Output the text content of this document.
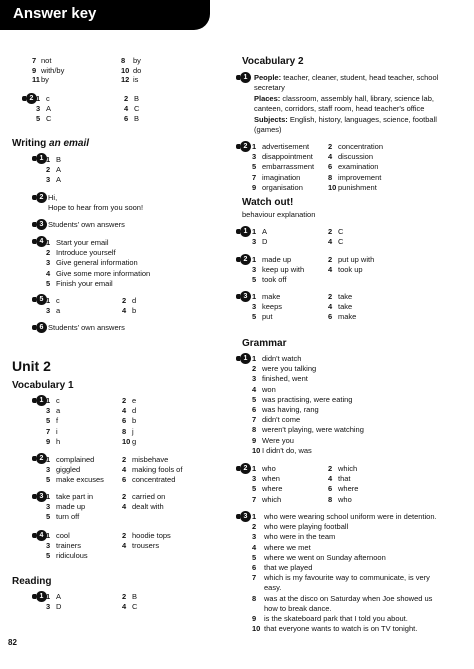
Answer key
7 not	8 by
9 with/by	10 do
11 by	12 is
2 1 c	2 B
3 A	4 C
5 C	6 B
Writing an email
1 1 B
2 A
3 A
2 Hi,
Hope to hear from you soon!
3 Students' own answers
4 1 Start your email
2 Introduce yourself
3 Give general information
4 Give some more information
5 Finish your email
5 1 c	2 d
3 a	4 b
6 Students' own answers
Unit 2
Vocabulary 1
1 1 c	2 e
3 a	4 d
5 f	6 b
7 i	8 j
9 h	10 g
2 1 complained	2 misbehave
3 giggled	4 making fools of
5 make excuses 6 concentrated
3 1 take part in	2 carried on
3 made up	4 dealt with
5 turn off
4 1 cool	2 hoodie tops
3 trainers	4 trousers
5 ridiculous
Reading
1 1 A	2 B
3 D	4 C
Vocabulary 2
1 People: teacher, cleaner, student, head teacher, school
secretary
Places: classroom, assembly hall, library, science lab,
canteen, corridors, staff room, head teacher's office
Subjects: English, history, languages, science, football
(games)
2 1 advertisement	2 concentration
3 disappointment 4 discussion
5 embarrassment 6 examination
7 imagination	8 improvement
9 organisation	10 punishment
Watch out!
behaviour explanation
1 1 A	2 C
3 D	4 C
2 1 made up	2 put up with
3 keep up with	4 took up
5 took off
3 1 make	2 take
3 keeps	4 take
5 put	6 make
Grammar
1 1 didn't watch
2 were you talking
3 finished, went
4 won
5 was practising, were eating
6 was having, rang
7 didn't come
8 weren't playing, were watching
9 Were you
10 I didn't do, was
2 1 who	2 which
3 when	4 that
5 where	6 where
7 which	8 who
3 1 who were wearing school uniform were in detention.
2 who were playing football
3 who were in the team
4 where we met
5 where we went on Sunday afternoon
6 that we played
7 which is my favourite way to communicate, is very
easy.
8 was at the disco on Saturday when Joe showed us
how to break dance.
9 is the skateboard park that I told you about.
10 that everyone wants to watch is on TV tonight.
82
